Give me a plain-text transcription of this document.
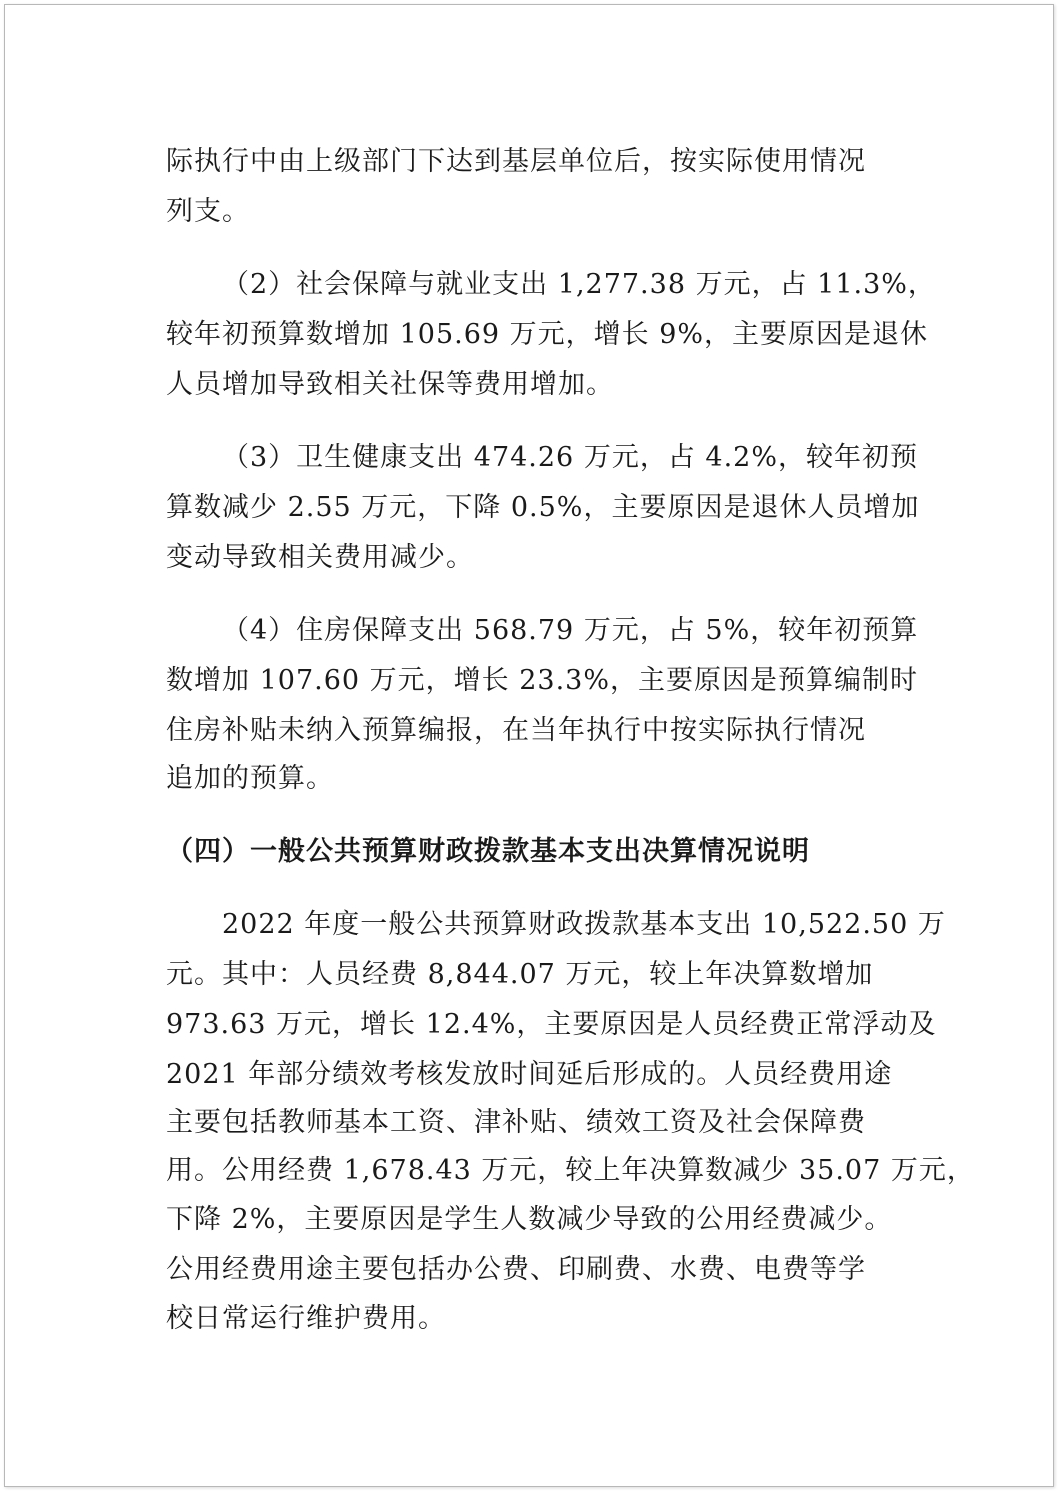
际执行中由上级部门下达到基层单位后，按实际使用情况
列支。
（2）社会保障与就业支出 1,277.38 万元，占 11.3%，
较年初预算数增加 105.69 万元，增长 9%，主要原因是退休
人员增加导致相关社保等费用增加。
（3）卫生健康支出 474.26 万元，占 4.2%，较年初预
算数减少 2.55 万元，下降 0.5%，主要原因是退休人员增加
变动导致相关费用减少。
（4）住房保障支出 568.79 万元，占 5%，较年初预算
数增加 107.60 万元，增长 23.3%，主要原因是预算编制时
住房补贴未纳入预算编报，在当年执行中按实际执行情况
追加的预算。
（四）一般公共预算财政拨款基本支出决算情况说明
2022 年度一般公共预算财政拨款基本支出 10,522.50 万
元。其中：人员经费 8,844.07 万元，较上年决算数增加
973.63 万元，增长 12.4%，主要原因是人员经费正常浮动及
2021 年部分绩效考核发放时间延后形成的。人员经费用途
主要包括教师基本工资、津补贴、绩效工资及社会保障费
用。公用经费 1,678.43 万元，较上年决算数减少 35.07 万元，
下降 2%，主要原因是学生人数减少导致的公用经费减少。
公用经费用途主要包括办公费、印刷费、水费、电费等学
校日常运行维护费用。
